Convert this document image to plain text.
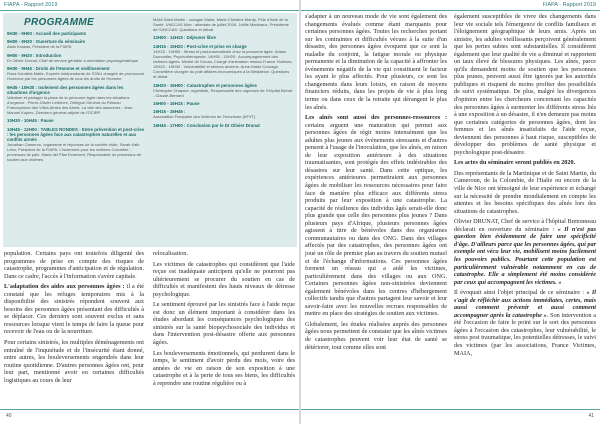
FIAPA - Rapport 2019
PROGRAMME
9H30 - 9H00 : Accueil des participants
9H00 - 9H20 : Ouverture du séminaire
Alain Koskas, Président de la FIAPA
9H00 - 9H20 : Introduction
Dr Olivier Drunat, Chef de service gériatrie à orientation psychogériatrique
9H30 - 9H45 : Droits de l'Homme et vieillissement
Rosa Kornfeld-Matte, Experte indépendante de l'ONU chargée de promouvoir l'exercice par les personnes âgées de tous les droits de l'homme
9H45 - 10H30 : Isolement des personnes âgées dans les situations d'urgence
Valoriser et partager la place de la personne âgée dans les situations d'urgence : Pierre-Olivier Lefebvre, Délégué Général du Réseau Francophone des Villes Amies des Aînés. La ville des assureurs : Jean-Manuel Kupiec, Directeur général adjoint de l'OCIRP
10H30 - 10H45 : Pause
10H45 - 12H00 : TABLES RONDES - Entre prévention et post-crise : les personnes âgées face aux catastrophes naturelles et aux conflits armés
Jonathan Cameron, organisme et réponses de la société civile. Sarah Kalb Lobo, Président de la FIAPA. L'isolement pour les victimes Colombie : processus de paix. Maria del Pilar Echeverri, Responsable du processus de soutien aux victimes
MAIA Saint-Martin : ouragan Maria. Marie-Christine Mardy, Pôle d'Aide de la Santé. UNCCAS Nice : attentats de juillet 2016. Joëlle Martinaux, Présidente de l'UNCCAS. Questions et débat
12H00 - 14H15 : Déjeuner libre
14H15 - 15H20 : Post-crise et prise en charge
14H15 - 14H55 : Stress et post-traumatisme chez la personne âgée. Ariane Dumontier, Psychothérapeute. 14H55 - 15H20 : Accompagnement des victimes âgées. Michel de Gouza, Chargé d'animation réseau France Victimes. 15H20 - 15H30 : Vulnérabilité et séniors anciens. Anne-Marie Courage, Conseillère chargée du pôle affaires économiques à la Médiatrice. Questions et débat
15H20 - 16H00 : Catastrophes et personnes âgées
Christophe Chapuet, urgentiste, Responsable des urgences de l'Hôpital Bichat - Claude-Bernard
16H00 - 16H15 : Pause
16H15 - 16H45 :
Association Française des Victimes du Terrorisme (AFVT)
16H45 - 17H00 : Conclusion par le Dr Olivier Drunat

population. Certains pays ont toutefois diligenté des programmes de prise en compte des risques de catastrophe, programmes d'anticipation et de régulation. Dans ce cadre, l'accès à l'information s'avère capitale.

L'adaptation des aides aux personnes âgées : il a été constaté que les refuges temporaires mis à la disponibilité des sinistrés répondent souvent aux besoins des personnes âgées présentant des difficultés à se déplacer. Ces derniers sont souvent exclus et sans ressources lorsque vient le temps de faire la queue pour recevoir de l'eau ou de la nourriture.

Pour certains sinistrés, les multiples déménagements ont entraîné de l'inquiétude et de l'insécurité étant donné, entre autres, les bouleversements engendrés dans leur routine quotidienne. D'autres personnes âgées ont, pour leur part, mentionné avoir eu certaines difficultés logistiques au cours de leur

relocalisation.

Les victimes de catastrophes qui considèrent que l'aide reçue est inadéquate anticipent qu'elle ne pourront pas ultérieurement se procurer du soutien en cas de difficultés et manifestent des hauts niveaux de détresse psychologique.

Le sentiment éprouvé par les sinistrés face à l'aide reçue est donc un élément important à considérer dans les études abordant les conséquences psychologiques des sinistrés sur la santé biopsychosociale des individus et dans l'intervention post-désastre offerte aux personnes âgées.

Les bouleversements émotionnels, qui perdurent dans le temps, le sentiment d'avoir perdu des mois, voire des années de vie en raison de son exposition à une catastrophe et à la perte de tous ses biens, les difficultés à reprendre une routine régulière ou à

40
FIAPA - Rapport 2019

s'adapter à un nouveau mode de vie sont également des changements évalués comme étant marquants pour certaines personnes âgées. Toutes les recherches portant sur les contraintes et difficultés vécues à la suite d'un désastre, des personnes âgées évoquent que ce sont la maladie du conjoint, la fatigue morale ou physique permanente et la diminution de la capacité à affronter les événements négatifs de la vie qui constituent le facteur les ayant le plus affectés. Pour plusieurs, ce sont les changements dans leurs loisirs, en raison de moyens financiers réduits, dans les projets de vie à plus long terme ou dans ceux de la retraite qui dérangent le plus les aînés.

Les aînés sont aussi des personnes-ressources : certains arguent une maturation qui permet aux personnes âgées de régir moins intensément que les adultes plus jeunes aux événements stressants et d'autres pensent à l'usage de l'inoculation, que les aînés, en raison de leur exposition antérieure à des situations traumatisantes, sont protégés des effets indésirables des désastres sur leur santé. Dans cette optique, les expériences antérieures permettraient aux personnes âgées de mobiliser les ressources nécessaires pour faire face de manière plus efficace aux différents stress produits par leur exposition à une catastrophe. La capacité de résilience des individus âgés serait-elle donc plus grande que celle des personnes plus jeunes ? Dans plusieurs pays d'Afrique, plusieurs personnes âgées agissent à titre de bénévoles dans des organismes communautaires ou dans des ONG. Dans des villages affectés par des catastrophes, des personnes âgées ont joué un rôle de premier plan au travers du soutien mutuel et de l'échange d'informations. Ces personnes âgées forment un réseau qui a aidé les victimes, particulièrement dans des villages ou aux ONG. Certaines personnes âgées non-sinistrées deviennent également bénévoles dans les centres d'hébergement collectifs tandis que d'autres partagent leur savoir et leur savoir-faire avec les nouvelles recrues responsables de mettre en place des stratégies de soutien aux victimes.

Globalement, les études réalisées auprès des personnes âgées nous permettent de constater que les aînés victimes de catastrophes peuvent voir leur état de santé se détériorer, tout comme elles sont

également susceptibles de vivre des changements dans leur vie sociale tels l'émergence de conflits familiaux et l'éloignement géographique de leurs amis. Après un sinistre, les adultes vieillissants perçoivent généralement que les pertes subies sont substantielles. Il considèrent également que leur qualité de vie a diminué et rapportent un taux élevé de blessures physiques. Les aînés, parce qu'ils demandent moins de soutien que les personnes plus jeunes, peuvent aussi être ignorés par les autorités publiques et risquent de moins profiter des possibilités de suivi systématique. De plus, malgré les divergences d'opinion entre les chercheurs concernant les capacités des personnes âgées à surmonter les différents stress liés à une exposition à un désastre, il n'en demeure pas moins que certaines catégories de personnes âgées, dont les femmes et les aînés insatisfaits de l'aide reçue, deviennent des personnes à haut risque, susceptibles de développer des problèmes de santé physique et psychologique post-désastre.

Les actes du séminaire seront publiés en 2020.

Des représentants de la Martinique et de Saint Martin, du Cameroun, de la Colombie, de l'Italie ou encore de la ville de Nice ont témoigné de leur expérience et échangé sur la nécessité de prendre mondialement en compte les attentes et les besoins spécifiques des aînés lors des situations de catastrophes.

Olivier DRUNAT, Chef de service à l'hôpital Bretonneau déclarait en ouverture du séminaire : « Il n'est pas question bien évidemment de faire une spécificité d'âge. D'ailleurs parce que les personnes âgées, qui par exemple ont vécu leur vie, mobilisent moins facilement les pouvoirs publics. Pourtant cette population est particulièrement vulnérable notamment en cas de catastrophe. Elle a simplement été moins considérée par ceux qui accompagnent les victimes. »

Il évoquait ainsi l'objet principal de ce séminaire : « Il s'agit de réfléchir aux actions immédiates, certes, mais aussi comment prévenir et aussi comment accompagner après la catastrophe ». Son intervention a été l'occasion de faire le point sur le sort des personnes âgées à l'occasion des catastrophes, leur vulnérabilité, le stress post traumatique, les potentielles détresses, le suivi des victimes (par les associations, France Victimes, MAIA,

41
